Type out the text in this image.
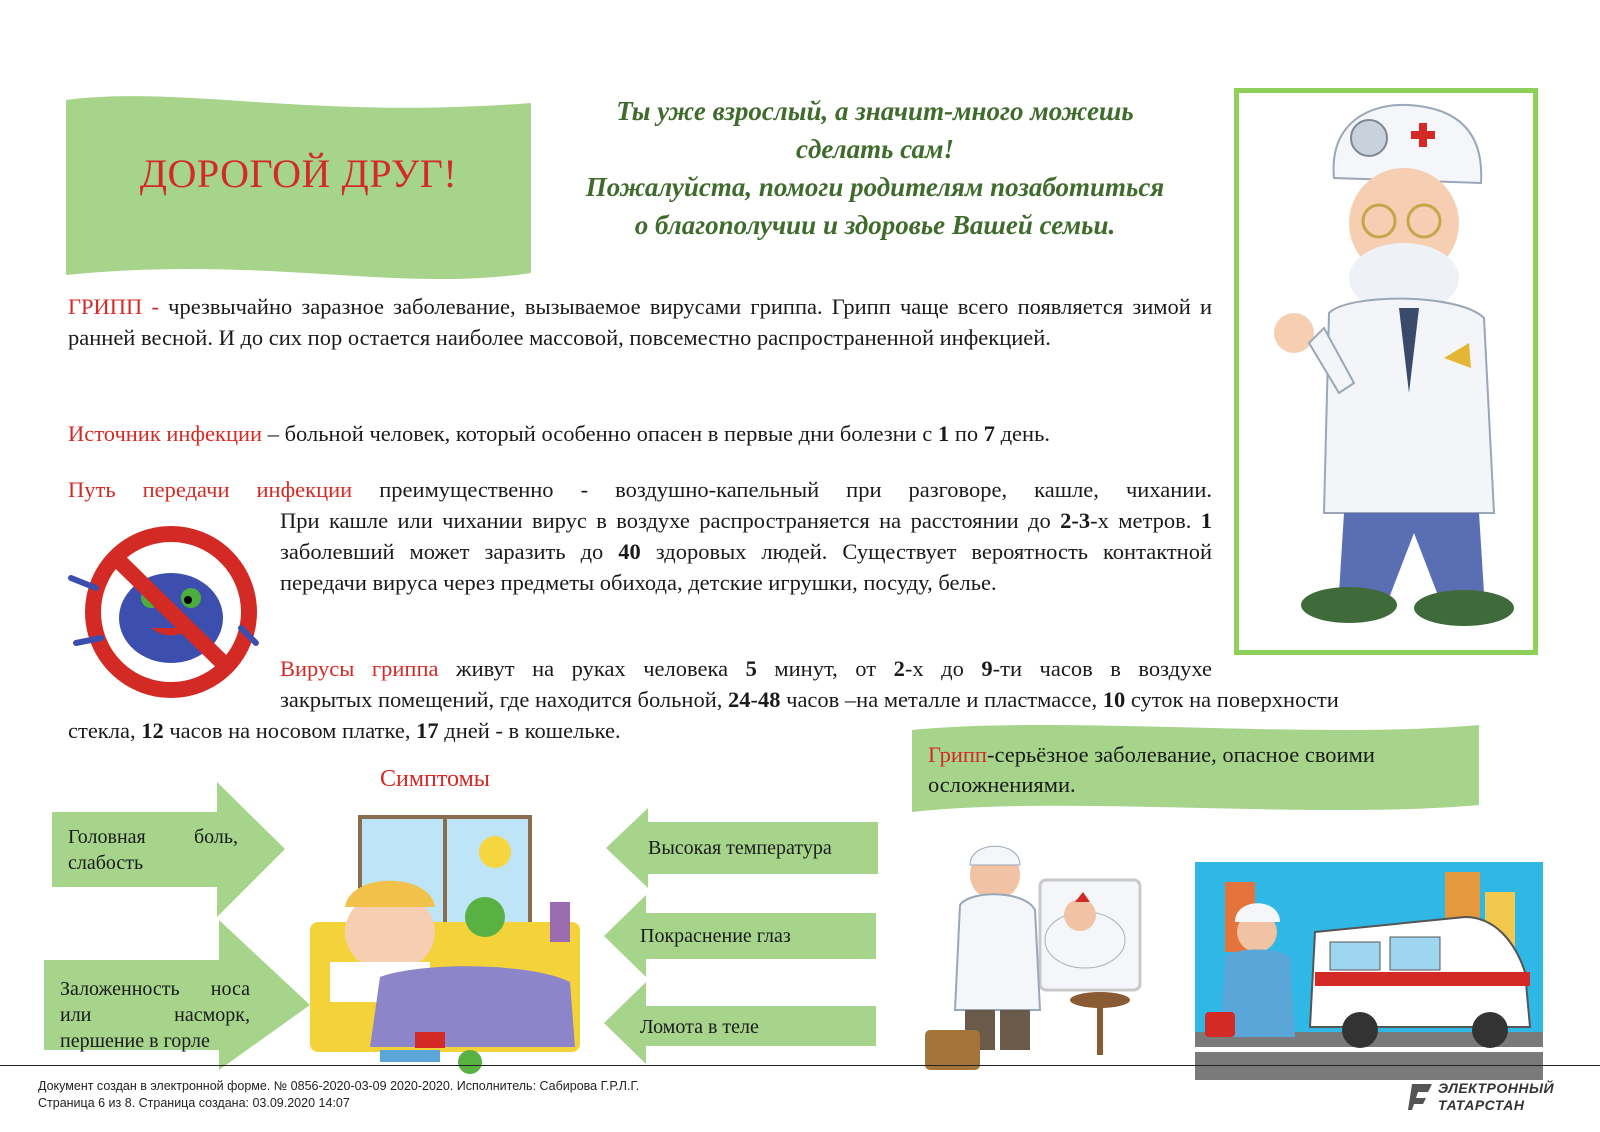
ДОРОГОЙ ДРУГ!
Ты уже взрослый, а значит-много можешь
сделать сам!
Пожалуйста, помоги родителям позаботиться
о благополучии и здоровье Вашей семьи.
ГРИПП - чрезвычайно заразное заболевание, вызываемое вирусами гриппа. Грипп чаще всего появляется зимой и ранней весной. И до сих пор остается наиболее массовой, повсеместно распространенной инфекцией.
Источник инфекции – больной человек, который особенно опасен в первые дни болезни с 1 по 7 день.
Путь передачи инфекции преимущественно - воздушно-капельный при разговоре, кашле, чихании.
При кашле или чихании вирус в воздухе распространяется на расстоянии до 2-3-х метров. 1 заболевший может заразить до 40 здоровых людей. Существует вероятность контактной передачи вируса через предметы обихода, детские игрушки, посуду, белье.
Вирусы гриппа живут на руках человека 5 минут, от 2-х до 9-ти часов в воздухе
закрытых помещений, где находится больной, 24-48 часов –на металле и пластмассе, 10 суток на поверхности
стекла, 12 часов на носовом платке, 17 дней - в кошельке.
Симптомы
Головная боль, слабость
Заложенность носа или насморк, першение в горле
Высокая температура
Покраснение глаз
Ломота в теле
Грипп-серьёзное заболевание, опасное своими осложнениями.
Документ создан в электронной форме. № 0856-2020-03-09 2020-2020. Исполнитель: Сабирова Г.Р.Л.Г.
Страница 6 из 8. Страница создана: 03.09.2020 14:07
ЭЛЕКТРОННЫЙ
ТАТАРСТАН
